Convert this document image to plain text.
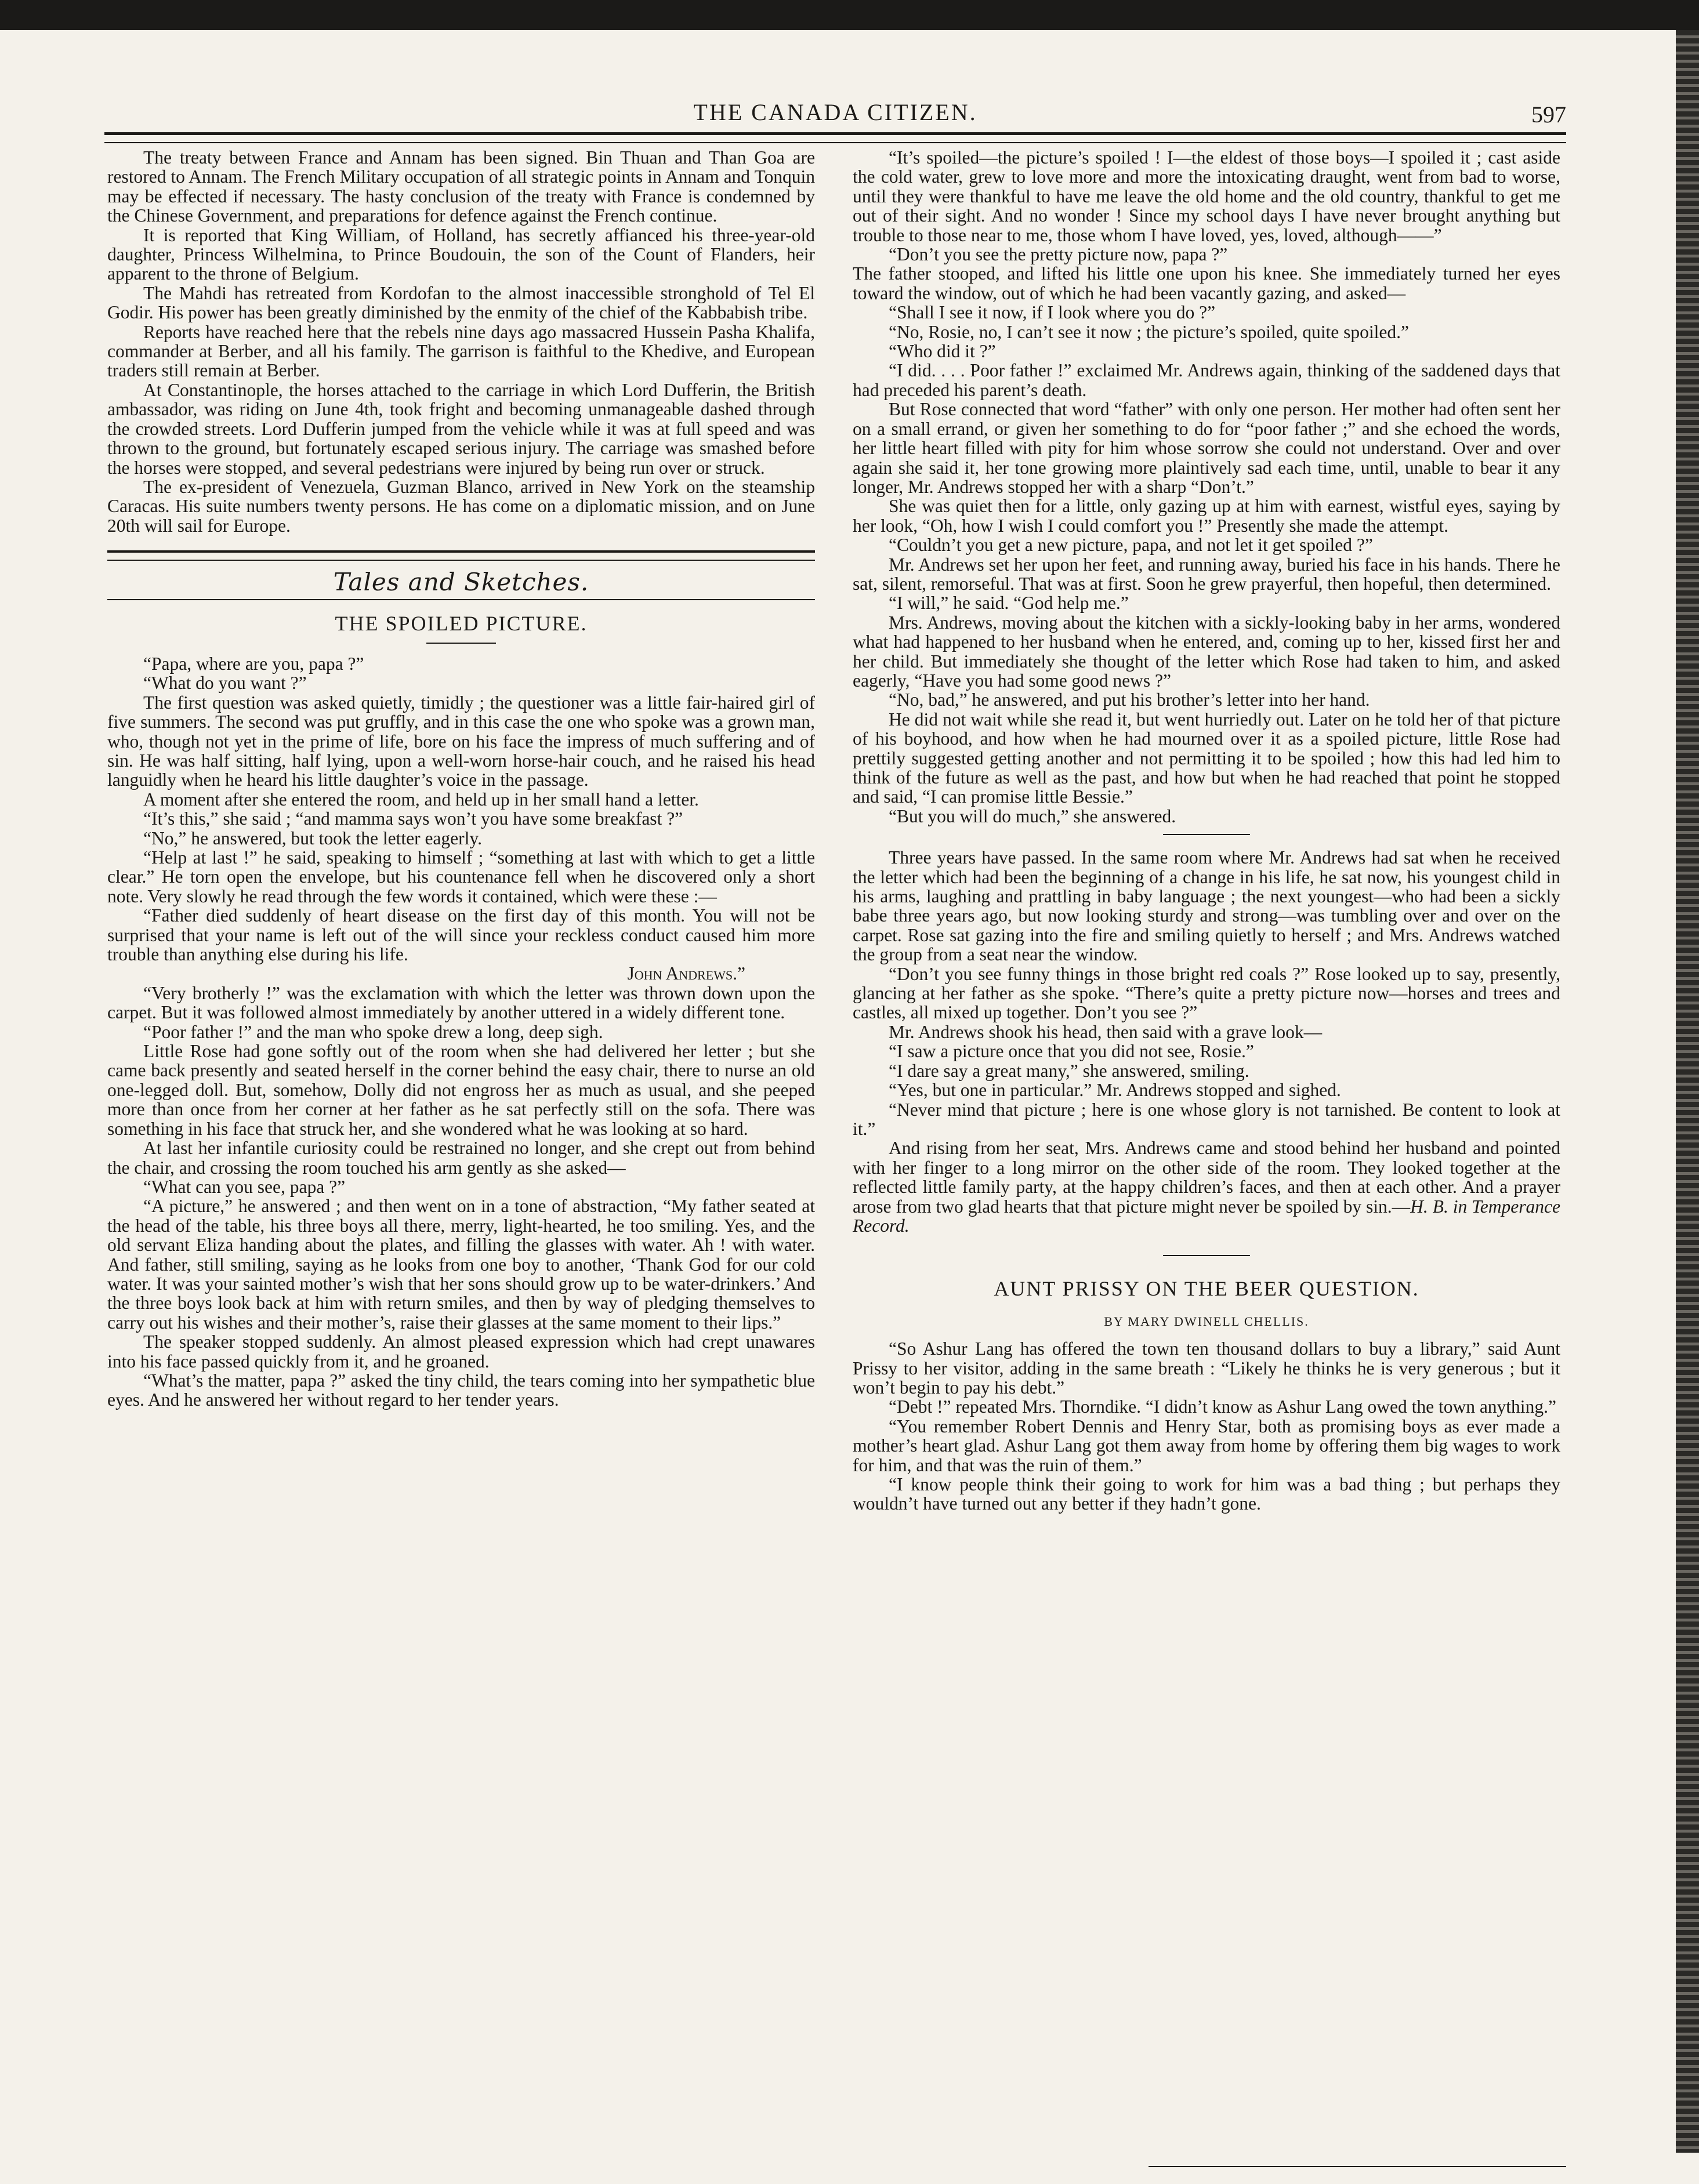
THE CANADA CITIZEN.	597

The treaty between France and Annam has been signed. Bin Thuan and Than Goa are restored to Annam. The French Military occupation of all strategic points in Annam and Tonquin may be effected if necessary. The hasty conclusion of the treaty with France is condemned by the Chinese Government, and preparations for defence against the French continue.

It is reported that King William, of Holland, has secretly affianced his three-year-old daughter, Princess Wilhelmina, to Prince Boudouin, the son of the Count of Flanders, heir apparent to the throne of Belgium.

The Mahdi has retreated from Kordofan to the almost inaccessible stronghold of Tel El Godir. His power has been greatly diminished by the enmity of the chief of the Kabbabish tribe.

Reports have reached here that the rebels nine days ago massacred Hussein Pasha Khalifa, commander at Berber, and all his family. The garrison is faithful to the Khedive, and European traders still remain at Berber.

At Constantinople, the horses attached to the carriage in which Lord Dufferin, the British ambassador, was riding on June 4th, took fright and becoming unmanageable dashed through the crowded streets. Lord Dufferin jumped from the vehicle while it was at full speed and was thrown to the ground, but fortunately escaped serious injury. The carriage was smashed before the horses were stopped, and several pedestrians were injured by being run over or struck.

The ex-president of Venezuela, Guzman Blanco, arrived in New York on the steamship Caracas. His suite numbers twenty persons. He has come on a diplomatic mission, and on June 20th will sail for Europe.

Tales and Sketches.
THE SPOILED PICTURE.

“Papa, where are you, papa ?”

“What do you want ?”

The first question was asked quietly, timidly ; the questioner was a little fair-haired girl of five summers. The second was put gruffly, and in this case the one who spoke was a grown man, who, though not yet in the prime of life, bore on his face the impress of much suffering and of sin. He was half sitting, half lying, upon a well-worn horse-hair couch, and he raised his head languidly when he heard his little daughter’s voice in the passage.

A moment after she entered the room, and held up in her small hand a letter.

“It’s this,” she said ; “and mamma says won’t you have some breakfast ?”

“No,” he answered, but took the letter eagerly.

“Help at last !” he said, speaking to himself ; “something at last with which to get a little clear.” He torn open the envelope, but his countenance fell when he discovered only a short note. Very slowly he read through the few words it contained, which were these :—

“Father died suddenly of heart disease on the first day of this month. You will not be surprised that your name is left out of the will since your reckless conduct caused him more trouble than anything else during his life.

John Andrews.”

“Very brotherly !” was the exclamation with which the letter was thrown down upon the carpet. But it was followed almost immediately by another uttered in a widely different tone.

“Poor father !” and the man who spoke drew a long, deep sigh.

Little Rose had gone softly out of the room when she had delivered her letter ; but she came back presently and seated herself in the corner behind the easy chair, there to nurse an old one-legged doll. But, somehow, Dolly did not engross her as much as usual, and she peeped more than once from her corner at her father as he sat perfectly still on the sofa. There was something in his face that struck her, and she wondered what he was looking at so hard.

At last her infantile curiosity could be restrained no longer, and she crept out from behind the chair, and crossing the room touched his arm gently as she asked—

“What can you see, papa ?”

“A picture,” he answered ; and then went on in a tone of abstraction, “My father seated at the head of the table, his three boys all there, merry, light-hearted, he too smiling. Yes, and the old servant Eliza handing about the plates, and filling the glasses with water. Ah ! with water. And father, still smiling, saying as he looks from one boy to another, ‘Thank God for our cold water. It was your sainted mother’s wish that her sons should grow up to be water-drinkers.’ And the three boys look back at him with return smiles, and then by way of pledging themselves to carry out his wishes and their mother’s, raise their glasses at the same moment to their lips.”

The speaker stopped suddenly. An almost pleased expression which had crept unawares into his face passed quickly from it, and he groaned.

“What’s the matter, papa ?” asked the tiny child, the tears coming into her sympathetic blue eyes. And he answered her without regard to her tender years.

“It’s spoiled—the picture’s spoiled ! I—the eldest of those boys—I spoiled it ; cast aside the cold water, grew to love more and more the intoxicating draught, went from bad to worse, until they were thankful to have me leave the old home and the old country, thankful to get me out of their sight. And no wonder ! Since my school days I have never brought anything but trouble to those near to me, those whom I have loved, yes, loved, although——”

“Don’t you see the pretty picture now, papa ?”

The father stooped, and lifted his little one upon his knee. She immediately turned her eyes toward the window, out of which he had been vacantly gazing, and asked—

“Shall I see it now, if I look where you do ?”

“No, Rosie, no, I can’t see it now ; the picture’s spoiled, quite spoiled.”

“Who did it ?”

“I did. . . . Poor father !” exclaimed Mr. Andrews again, thinking of the saddened days that had preceded his parent’s death.

But Rose connected that word “father” with only one person. Her mother had often sent her on a small errand, or given her something to do for “poor father ;” and she echoed the words, her little heart filled with pity for him whose sorrow she could not understand. Over and over again she said it, her tone growing more plaintively sad each time, until, unable to bear it any longer, Mr. Andrews stopped her with a sharp “Don’t.”

She was quiet then for a little, only gazing up at him with earnest, wistful eyes, saying by her look, “Oh, how I wish I could comfort you !” Presently she made the attempt.

“Couldn’t you get a new picture, papa, and not let it get spoiled ?”

Mr. Andrews set her upon her feet, and running away, buried his face in his hands. There he sat, silent, remorseful. That was at first. Soon he grew prayerful, then hopeful, then determined.

“I will,” he said. “God help me.”

Mrs. Andrews, moving about the kitchen with a sickly-looking baby in her arms, wondered what had happened to her husband when he entered, and, coming up to her, kissed first her and her child. But immediately she thought of the letter which Rose had taken to him, and asked eagerly, “Have you had some good news ?”

“No, bad,” he answered, and put his brother’s letter into her hand.

He did not wait while she read it, but went hurriedly out. Later on he told her of that picture of his boyhood, and how when he had mourned over it as a spoiled picture, little Rose had prettily suggested getting another and not permitting it to be spoiled ; how this had led him to think of the future as well as the past, and how but when he had reached that point he stopped and said, “I can promise little Bessie.”

“But you will do much,” she answered.

Three years have passed. In the same room where Mr. Andrews had sat when he received the letter which had been the beginning of a change in his life, he sat now, his youngest child in his arms, laughing and prattling in baby language ; the next youngest—who had been a sickly babe three years ago, but now looking sturdy and strong—was tumbling over and over on the carpet. Rose sat gazing into the fire and smiling quietly to herself ; and Mrs. Andrews watched the group from a seat near the window.

“Don’t you see funny things in those bright red coals ?” Rose looked up to say, presently, glancing at her father as she spoke. “There’s quite a pretty picture now—horses and trees and castles, all mixed up together. Don’t you see ?”

Mr. Andrews shook his head, then said with a grave look—

“I saw a picture once that you did not see, Rosie.”

“I dare say a great many,” she answered, smiling.

“Yes, but one in particular.” Mr. Andrews stopped and sighed.

“Never mind that picture ; here is one whose glory is not tarnished. Be content to look at it.”

And rising from her seat, Mrs. Andrews came and stood behind her husband and pointed with her finger to a long mirror on the other side of the room. They looked together at the reflected little family party, at the happy children’s faces, and then at each other. And a prayer arose from two glad hearts that that picture might never be spoiled by sin.—H. B. in Temperance Record.

AUNT PRISSY ON THE BEER QUESTION.
BY MARY DWINELL CHELLIS.

“So Ashur Lang has offered the town ten thousand dollars to buy a library,” said Aunt Prissy to her visitor, adding in the same breath : “Likely he thinks he is very generous ; but it won’t begin to pay his debt.”

“Debt !” repeated Mrs. Thorndike. “I didn’t know as Ashur Lang owed the town anything.”

“You remember Robert Dennis and Henry Star, both as promising boys as ever made a mother’s heart glad. Ashur Lang got them away from home by offering them big wages to work for him, and that was the ruin of them.”

“I know people think their going to work for him was a bad thing ; but perhaps they wouldn’t have turned out any better if they hadn’t gone.
